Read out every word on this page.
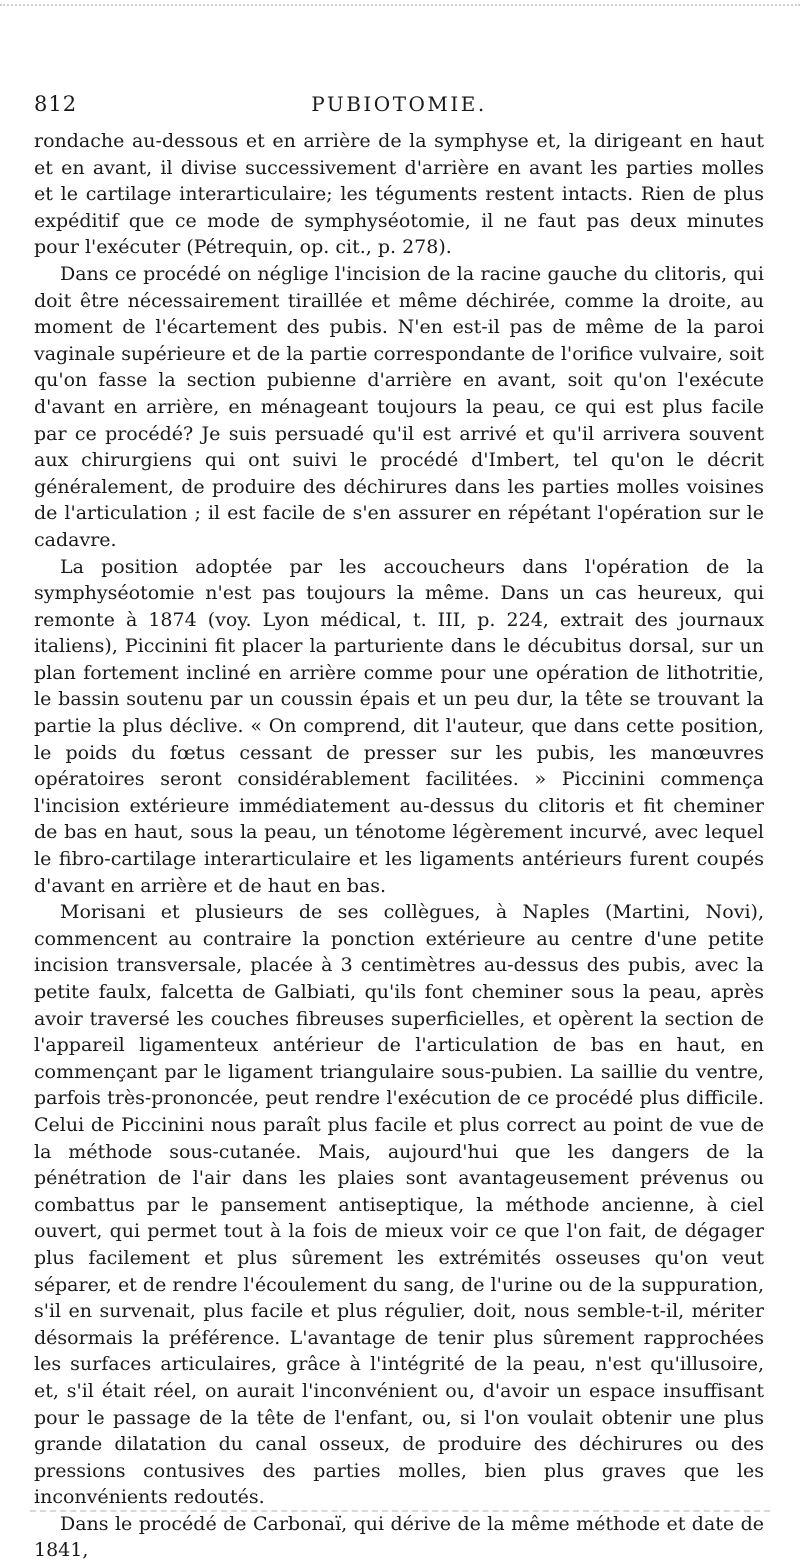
812	PUBIOTOMIE.

rondache au-dessous et en arrière de la symphyse et, la dirigeant en haut et en avant, il divise successivement d'arrière en avant les parties molles et le cartilage interarticulaire; les téguments restent intacts. Rien de plus expéditif que ce mode de symphyséotomie, il ne faut pas deux minutes pour l'exécuter (Pétrequin, op. cit., p. 278).

Dans ce procédé on néglige l'incision de la racine gauche du clitoris, qui doit être nécessairement tiraillée et même déchirée, comme la droite, au moment de l'écartement des pubis. N'en est-il pas de même de la paroi vaginale supérieure et de la partie correspondante de l'orifice vulvaire, soit qu'on fasse la section pubienne d'arrière en avant, soit qu'on l'exécute d'avant en arrière, en ménageant toujours la peau, ce qui est plus facile par ce procédé? Je suis persuadé qu'il est arrivé et qu'il arrivera souvent aux chirurgiens qui ont suivi le procédé d'Imbert, tel qu'on le décrit généralement, de produire des déchirures dans les parties molles voisines de l'articulation ; il est facile de s'en assurer en répétant l'opération sur le cadavre.

La position adoptée par les accoucheurs dans l'opération de la symphyséotomie n'est pas toujours la même. Dans un cas heureux, qui remonte à 1874 (voy. Lyon médical, t. III, p. 224, extrait des journaux italiens), Piccinini fit placer la parturiente dans le décubitus dorsal, sur un plan fortement incliné en arrière comme pour une opération de lithotritie, le bassin soutenu par un coussin épais et un peu dur, la tête se trouvant la partie la plus déclive. « On comprend, dit l'auteur, que dans cette position, le poids du fœtus cessant de presser sur les pubis, les manœuvres opératoires seront considérablement facilitées. » Piccinini commença l'incision extérieure immédiatement au-dessus du clitoris et fit cheminer de bas en haut, sous la peau, un ténotome légèrement incurvé, avec lequel le fibro-cartilage interarticulaire et les ligaments antérieurs furent coupés d'avant en arrière et de haut en bas.

Morisani et plusieurs de ses collègues, à Naples (Martini, Novi), commencent au contraire la ponction extérieure au centre d'une petite incision transversale, placée à 3 centimètres au-dessus des pubis, avec la petite faulx, falcetta de Galbiati, qu'ils font cheminer sous la peau, après avoir traversé les couches fibreuses superficielles, et opèrent la section de l'appareil ligamenteux antérieur de l'articulation de bas en haut, en commençant par le ligament triangulaire sous-pubien. La saillie du ventre, parfois très-prononcée, peut rendre l'exécution de ce procédé plus difficile. Celui de Piccinini nous paraît plus facile et plus correct au point de vue de la méthode sous-cutanée. Mais, aujourd'hui que les dangers de la pénétration de l'air dans les plaies sont avantageusement prévenus ou combattus par le pansement antiseptique, la méthode ancienne, à ciel ouvert, qui permet tout à la fois de mieux voir ce que l'on fait, de dégager plus facilement et plus sûrement les extrémités osseuses qu'on veut séparer, et de rendre l'écoulement du sang, de l'urine ou de la suppuration, s'il en survenait, plus facile et plus régulier, doit, nous semble-t-il, mériter désormais la préférence. L'avantage de tenir plus sûrement rapprochées les surfaces articulaires, grâce à l'intégrité de la peau, n'est qu'illusoire, et, s'il était réel, on aurait l'inconvénient ou, d'avoir un espace insuffisant pour le passage de la tête de l'enfant, ou, si l'on voulait obtenir une plus grande dilatation du canal osseux, de produire des déchirures ou des pressions contusives des parties molles, bien plus graves que les inconvénients redoutés.

Dans le procédé de Carbonaï, qui dérive de la même méthode et date de 1841,
